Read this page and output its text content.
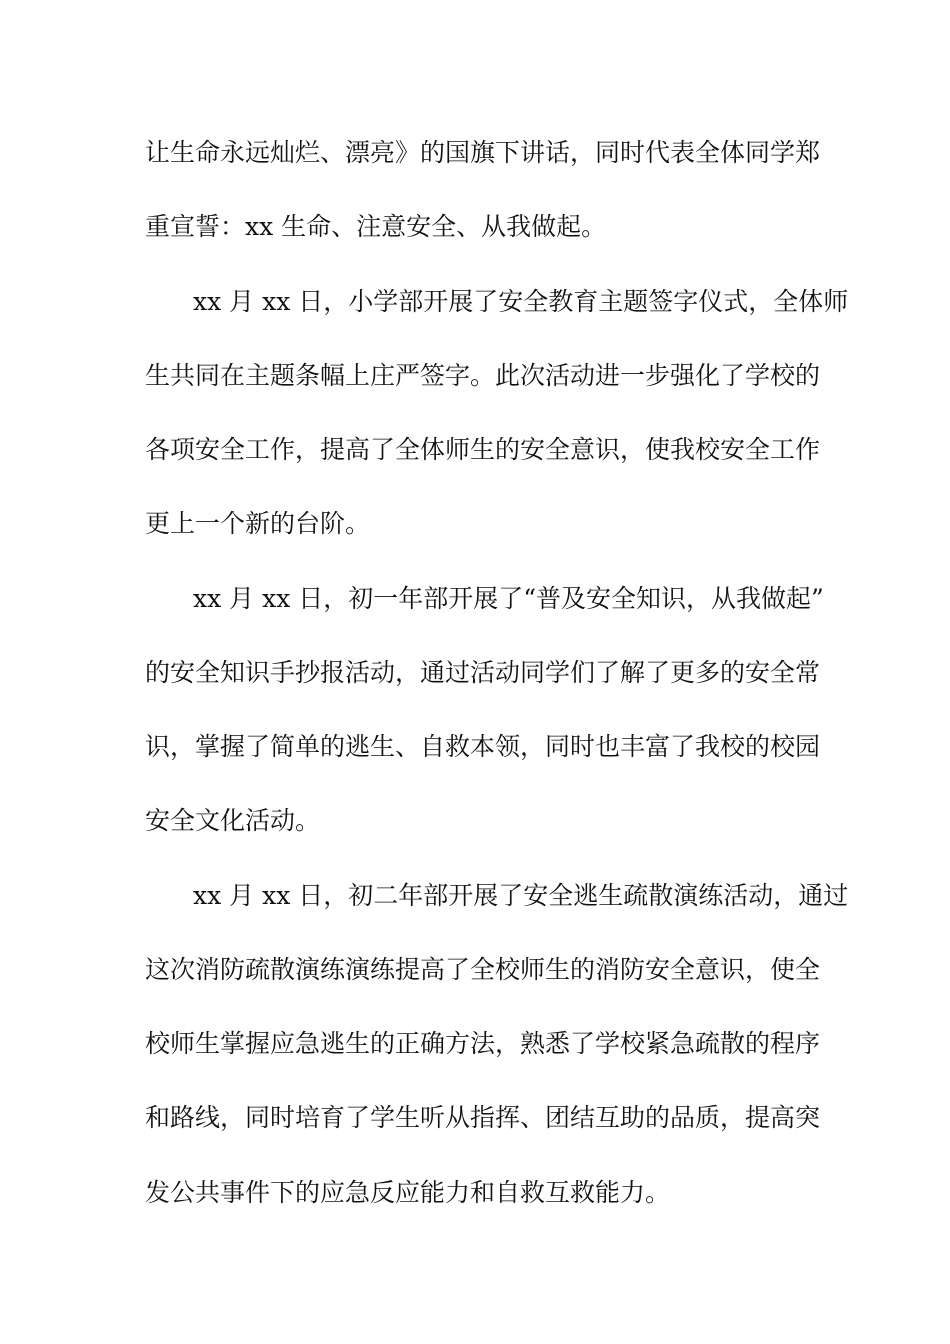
让生命永远灿烂、漂亮》的国旗下讲话，同时代表全体同学郑
重宣誓：xx 生命、注意安全、从我做起。
xx 月 xx 日，小学部开展了安全教育主题签字仪式，全体师
生共同在主题条幅上庄严签字。此次活动进一步强化了学校的
各项安全工作，提高了全体师生的安全意识，使我校安全工作
更上一个新的台阶。
xx 月 xx 日，初一年部开展了“普及安全知识，从我做起”
的安全知识手抄报活动，通过活动同学们了解了更多的安全常
识，掌握了简单的逃生、自救本领，同时也丰富了我校的校园
安全文化活动。
xx 月 xx 日，初二年部开展了安全逃生疏散演练活动，通过
这次消防疏散演练演练提高了全校师生的消防安全意识，使全
校师生掌握应急逃生的正确方法，熟悉了学校紧急疏散的程序
和路线，同时培育了学生听从指挥、团结互助的品质，提高突
发公共事件下的应急反应能力和自救互救能力。
